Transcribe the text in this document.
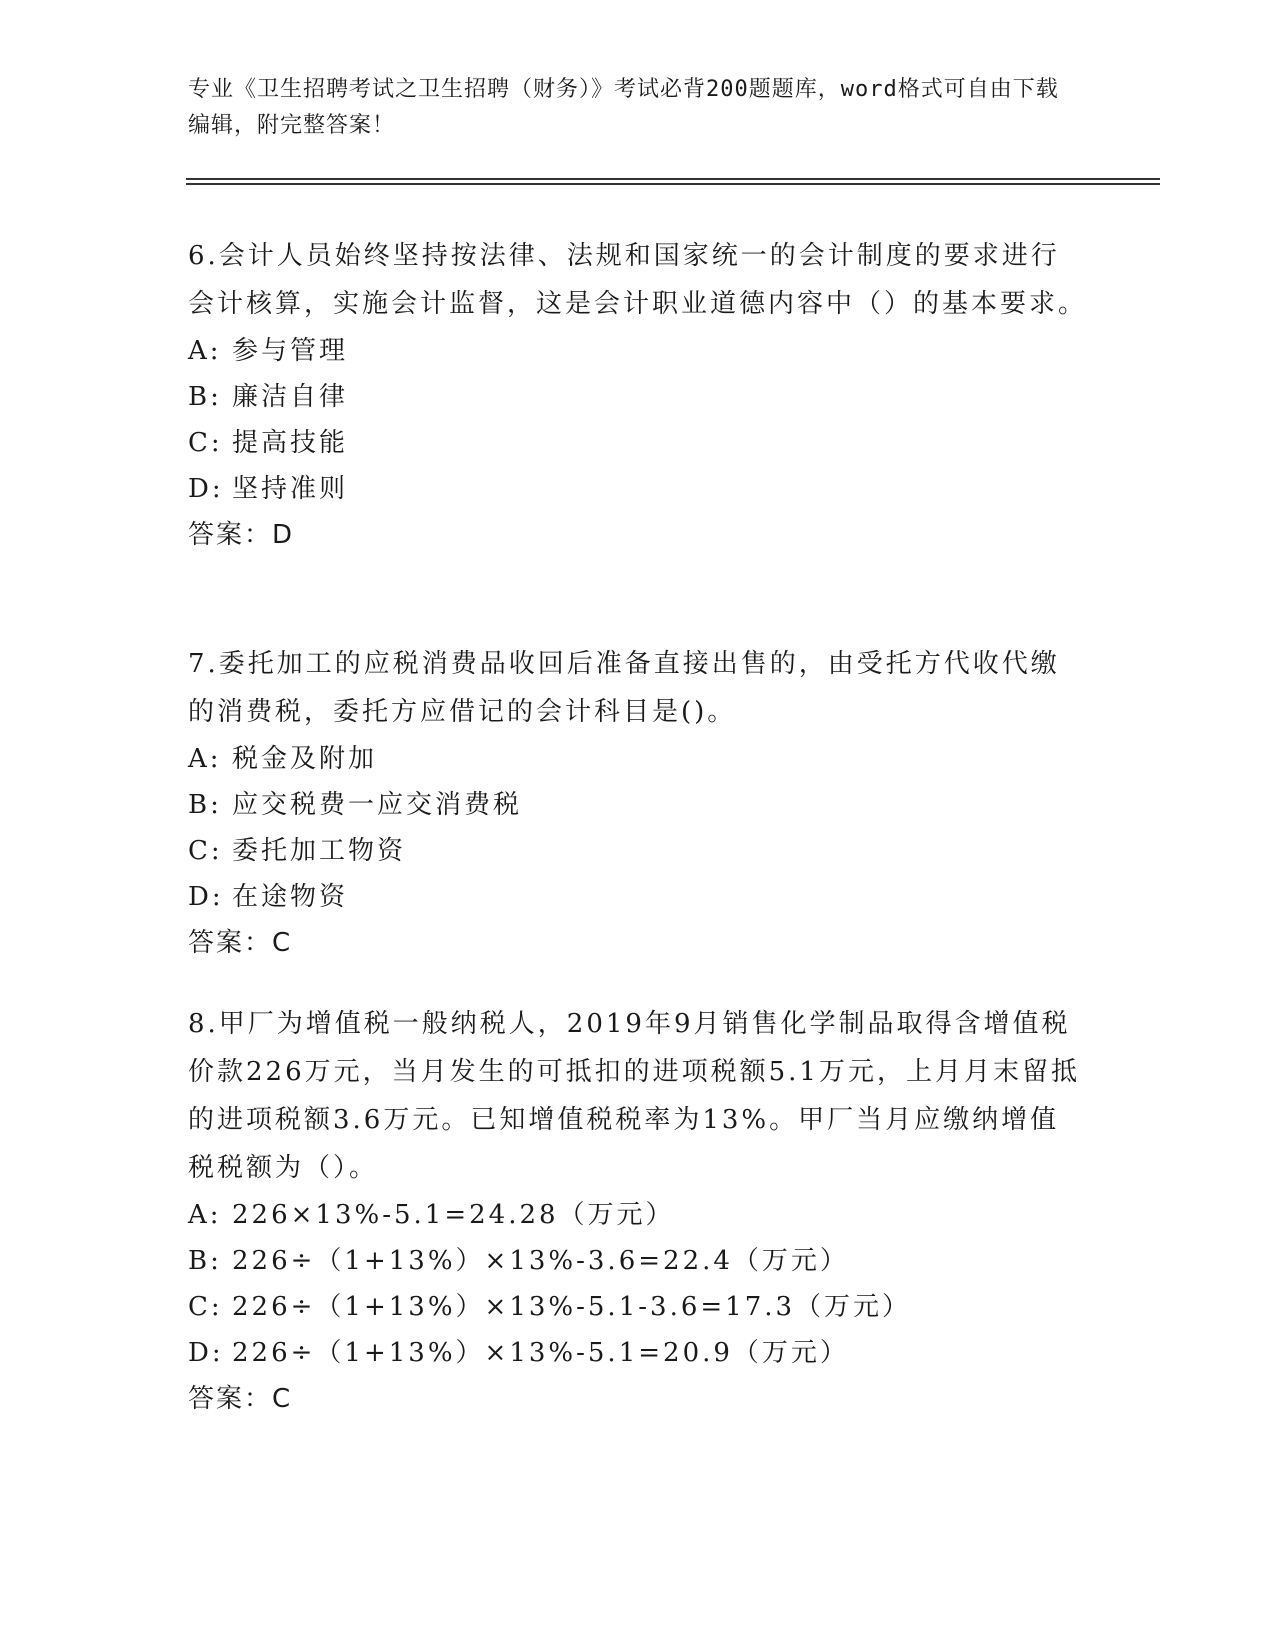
专业《卫生招聘考试之卫生招聘（财务）》考试必背200题题库，word格式可自由下载编辑，附完整答案！

6.会计人员始终坚持按法律、法规和国家统一的会计制度的要求进行会计核算，实施会计监督，这是会计职业道德内容中（）的基本要求。

A: 参与管理

B: 廉洁自律

C: 提高技能

D: 坚持准则

答案：D

7.委托加工的应税消费品收回后准备直接出售的，由受托方代收代缴的消费税，委托方应借记的会计科目是()。

A: 税金及附加

B: 应交税费一应交消费税

C: 委托加工物资

D: 在途物资

答案：C

8.甲厂为增值税一般纳税人，2019年9月销售化学制品取得含增值税价款226万元，当月发生的可抵扣的进项税额5.1万元，上月月末留抵的进项税额3.6万元。已知增值税税率为13%。甲厂当月应缴纳增值税税额为（）。

A: 226×13%-5.1=24.28（万元）

B: 226÷（1+13%）×13%-3.6=22.4（万元）

C: 226÷（1+13%）×13%-5.1-3.6=17.3（万元）

D: 226÷（1+13%）×13%-5.1=20.9（万元）

答案：C
